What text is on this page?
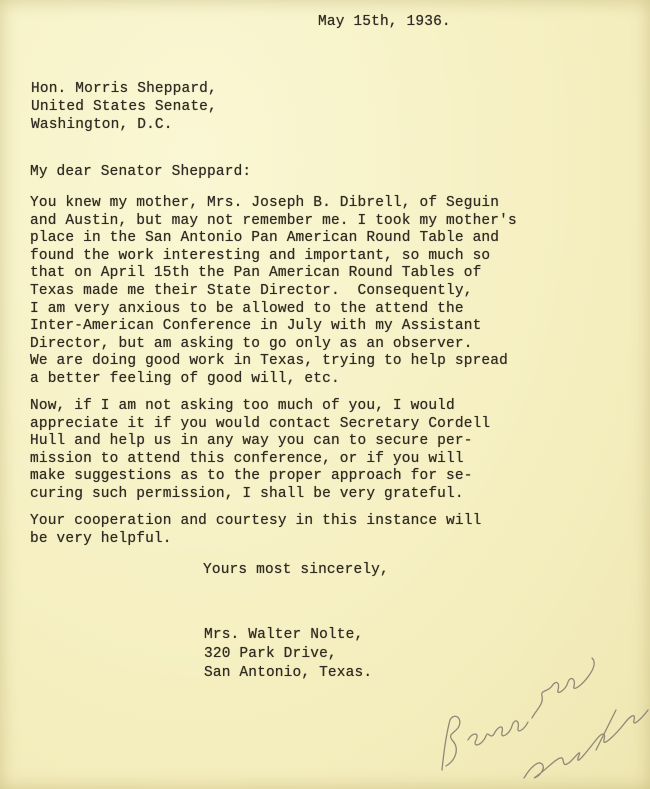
May 15th, 1936.
Hon. Morris Sheppard,
United States Senate,
Washington, D.C.
My dear Senator Sheppard:
You knew my mother, Mrs. Joseph B. Dibrell, of Seguin
and Austin, but may not remember me. I took my mother's
place in the San Antonio Pan American Round Table and
found the work interesting and important, so much so
that on April 15th the Pan American Round Tables of
Texas made me their State Director.  Consequently,
I am very anxious to be allowed to the attend the
Inter-American Conference in July with my Assistant
Director, but am asking to go only as an observer.
We are doing good work in Texas, trying to help spread
a better feeling of good will, etc.
Now, if I am not asking too much of you, I would
appreciate it if you would contact Secretary Cordell
Hull and help us in any way you can to secure per-
mission to attend this conference, or if you will
make suggestions as to the proper approach for se-
curing such permission, I shall be very grateful.
Your cooperation and courtesy in this instance will
be very helpful.
Yours most sincerely,
Mrs. Walter Nolte,
320 Park Drive,
San Antonio, Texas.
